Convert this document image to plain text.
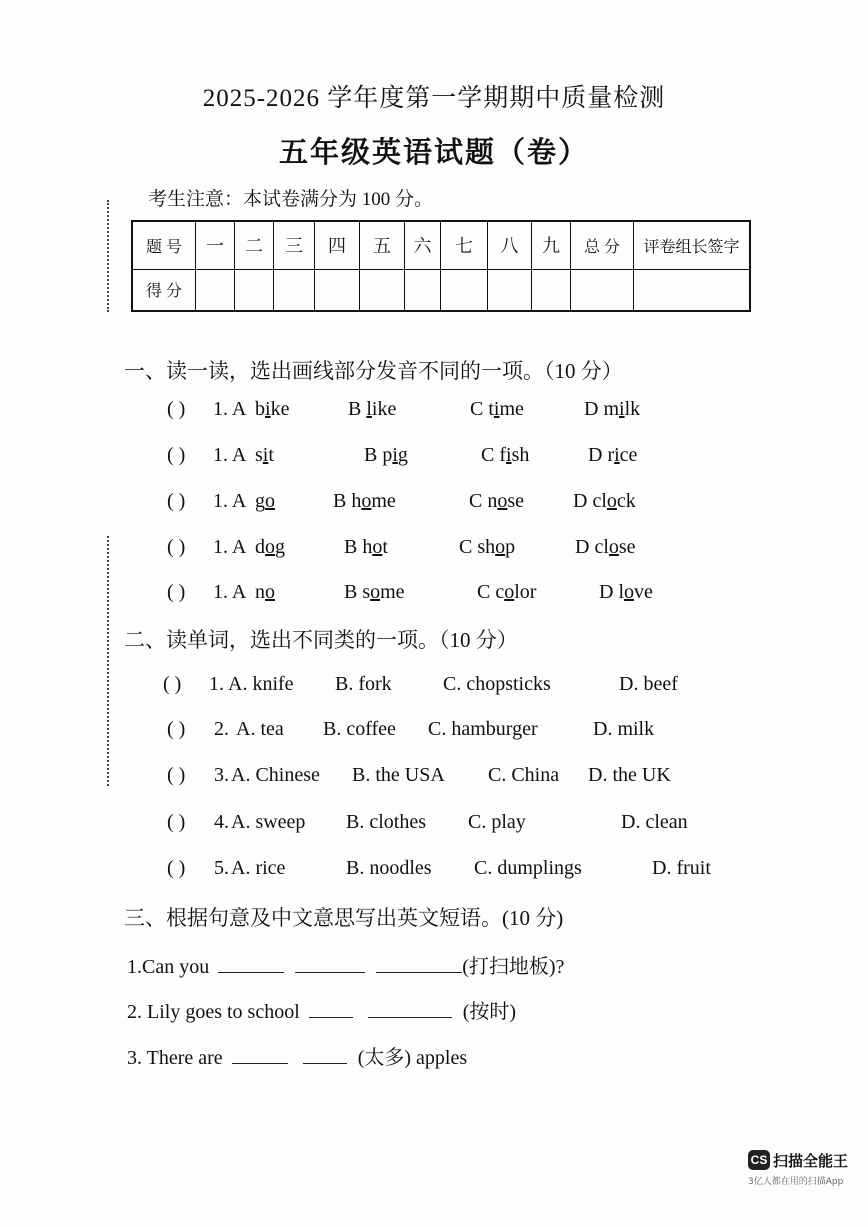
2025-2026 学年度第一学期期中质量检测
五年级英语试题（卷）
考生注意：本试卷满分为 100 分。
题 号	一	二	三	四	五	六	七	八	九	总 分	评卷组长签字
得 分											
一、读一读，选出画线部分发音不同的一项。（10 分）
( ) 1. A bike	B like	C time	D milk
( ) 1. A sit	B pig	C fish	D rice
( ) 1. A go	B home	C nose D clock
( ) 1. A dog	B hot	C shop	D close
( ) 1. A no	B some	C color	D love
二、读单词，选出不同类的一项。（10 分）
( ) 1. A. knife B. fork	C. chopsticks	D. beef
( ) 2. A. tea B. coffee C. hamburger	D. milk
( ) 3. A. Chinese B. the USA C. China D. the UK
( ) 4. A. sweep B. clothes C. play	D. clean
( ) 5. A. rice	B. noodles C. dumplings	D. fruit
三、根据句意及中文意思写出英文短语。(10 分)
1.Can you	(打扫地板)?
2. Lily goes to school	(按时)
3. There are	(太多) apples
CS 扫描全能王
3亿人都在用的扫描App
